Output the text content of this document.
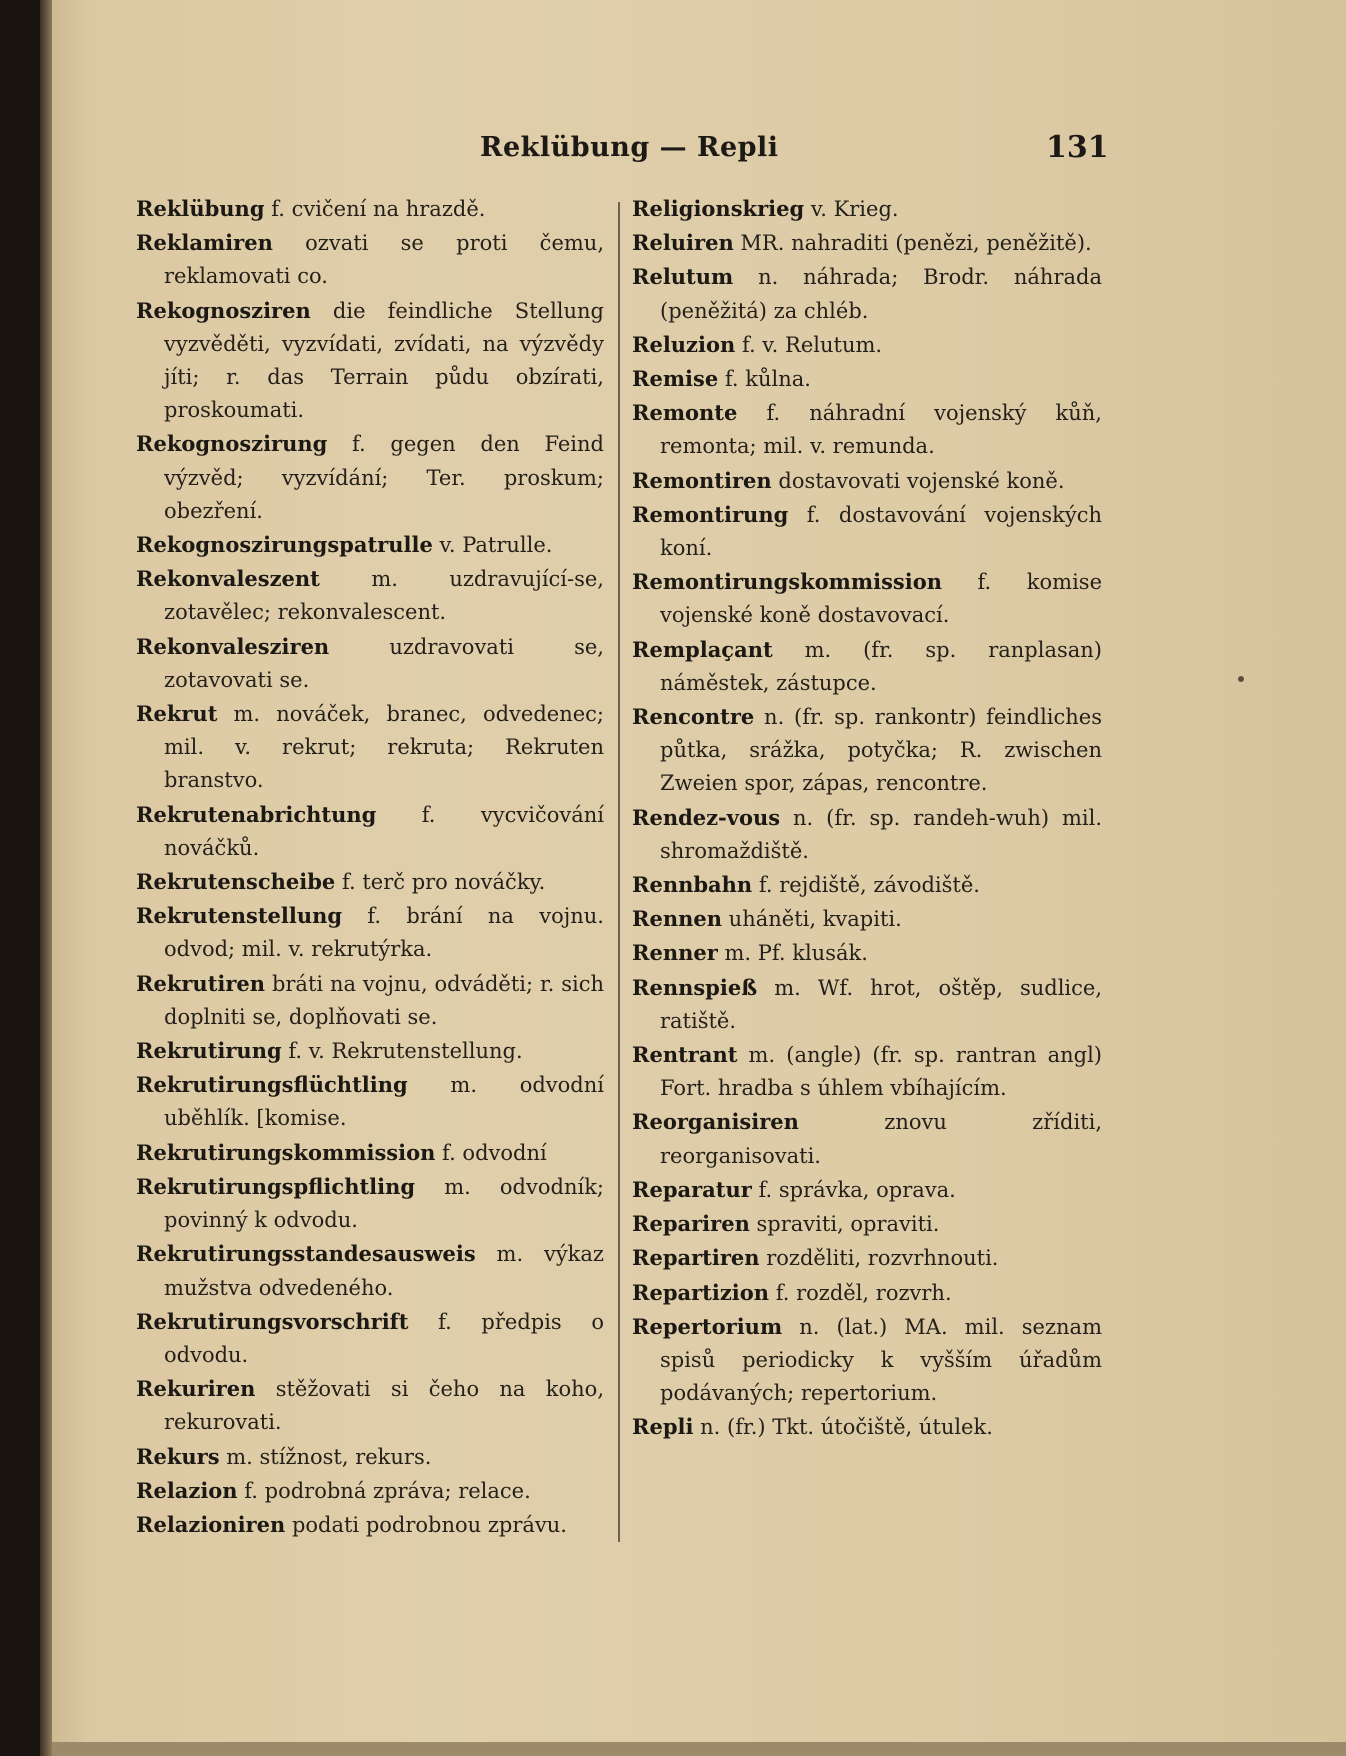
Reklübung — Repli	131

Reklübung f. cvičení na hrazdě.

Reklamiren ozvati se proti čemu, reklamovati co.

Rekognosziren die feindliche Stellung vyzvěděti, vyzvídati, zvídati, na výzvědy jíti; r. das Terrain půdu obzírati, proskoumati.

Rekognoszirung f. gegen den Feind výzvěd; vyzvídání; Ter. proskum; obezření.

Rekognoszirungspatrulle v. Patrulle.

Rekonvaleszent m. uzdravující-se, zotavělec; rekonvalescent.

Rekonvalesziren	uzdravovati se, zotavovati se.

Rekrut m. nováček, branec, odvedenec; mil. v. rekrut; rekruta; Rekruten branstvo.

Rekrutenabrichtung f. vycvičování nováčků.

Rekrutenscheibe f. terč pro nováčky.

Rekrutenstellung f. brání na vojnu. odvod; mil. v. rekrutýrka.

Rekrutiren bráti na vojnu, odváděti; r. sich doplniti se, doplňovati se.

Rekrutirung f. v. Rekrutenstellung.

Rekrutirungsflüchtling m. odvodní uběhlík. [komise.

Rekrutirungskommission f. odvodní

Rekrutirungspflichtling m. odvodník; povinný k odvodu.

Rekrutirungsstandesausweis m. výkaz mužstva odvedeného.

Rekrutirungsvorschrift f. předpis o odvodu.

Rekuriren stěžovati si čeho na koho, rekurovati.

Rekurs m. stížnost, rekurs.

Relazion f. podrobná zpráva; relace.

Relazioniren podati podrobnou zprávu.

Religionskrieg v. Krieg.

Reluiren MR. nahraditi (penězi, peněžitě).

Relutum n. náhrada; Brodr. náhrada (peněžitá) za chléb.

Reluzion f. v. Relutum.

Remise f. kůlna.

Remonte f. náhradní vojenský kůň, remonta; mil. v. remunda.

Remontiren dostavovati vojenské koně.

Remontirung f. dostavování vojenských koní.

Remontirungskommission f. komise vojenské koně dostavovací.

Remplaçant m. (fr. sp. ranplasan) náměstek, zástupce.

Rencontre n. (fr. sp. rankontr) feindliches půtka, srážka, potyčka; R. zwischen Zweien spor, zápas, rencontre.

Rendez-vous n. (fr. sp. randeh-wuh) mil. shromaždiště.

Rennbahn f. rejdiště, závodiště.

Rennen uháněti, kvapiti.

Renner m. Pf. klusák.

Rennspieß m. Wf. hrot, oštěp, sudlice, ratiště.

Rentrant m. (angle) (fr. sp. rantran angl) Fort. hradba s úhlem vbíhajícím.

Reorganisiren	znovu zříditi, reorganisovati.

Reparatur f. správka, oprava.

Repariren spraviti, opraviti.

Repartiren rozděliti, rozvrhnouti.

Repartizion f. rozděl, rozvrh.

Repertorium n. (lat.) MA. mil. seznam spisů periodicky k vyšším úřadům podávaných; repertorium.

Repli n. (fr.) Tkt. útočiště, útulek.
